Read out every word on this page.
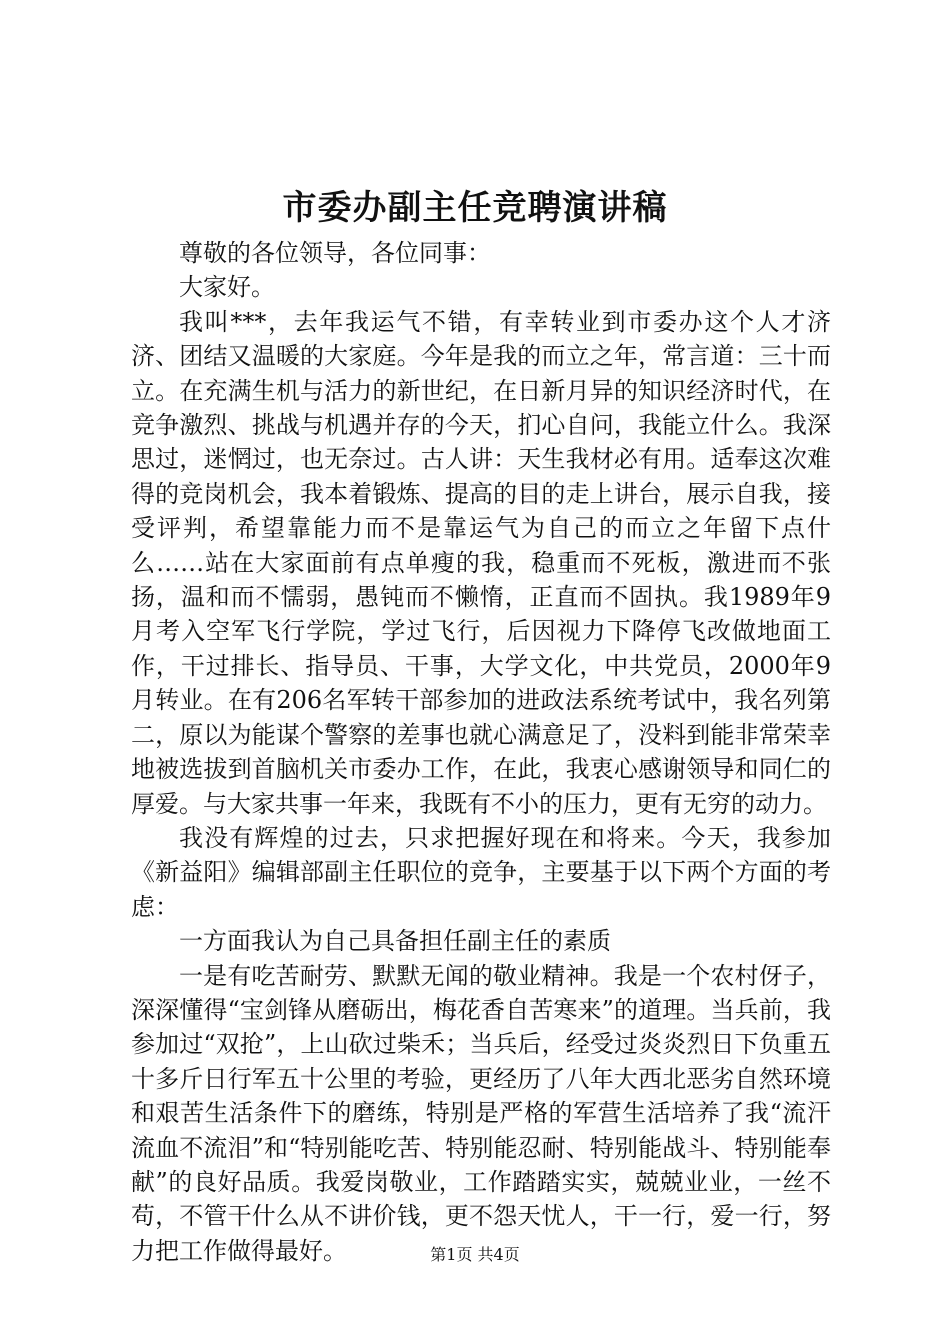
市委办副主任竞聘演讲稿

尊敬的各位领导，各位同事：

大家好。

我叫***，去年我运气不错，有幸转业到市委办这个人才济济、团结又温暖的大家庭。今年是我的而立之年，常言道：三十而立。在充满生机与活力的新世纪，在日新月异的知识经济时代，在竞争激烈、挑战与机遇并存的今天，扪心自问，我能立什么。我深思过，迷惘过，也无奈过。古人讲：天生我材必有用。适奉这次难得的竞岗机会，我本着锻炼、提高的目的走上讲台，展示自我，接受评判，希望靠能力而不是靠运气为自己的而立之年留下点什么……站在大家面前有点单瘦的我，稳重而不死板，激进而不张扬，温和而不懦弱，愚钝而不懒惰，正直而不固执。我1989年9月考入空军飞行学院，学过飞行，后因视力下降停飞改做地面工作，干过排长、指导员、干事，大学文化，中共党员，2000年9月转业。在有206名军转干部参加的进政法系统考试中，我名列第二，原以为能谋个警察的差事也就心满意足了，没料到能非常荣幸地被选拔到首脑机关市委办工作，在此，我衷心感谢领导和同仁的厚爱。与大家共事一年来，我既有不小的压力，更有无穷的动力。

我没有辉煌的过去，只求把握好现在和将来。今天，我参加《新益阳》编辑部副主任职位的竞争，主要基于以下两个方面的考虑：

一方面我认为自己具备担任副主任的素质

一是有吃苦耐劳、默默无闻的敬业精神。我是一个农村伢子，深深懂得“宝剑锋从磨砺出，梅花香自苦寒来”的道理。当兵前，我参加过“双抢”，上山砍过柴禾；当兵后，经受过炎炎烈日下负重五十多斤日行军五十公里的考验，更经历了八年大西北恶劣自然环境和艰苦生活条件下的磨练，特别是严格的军营生活培养了我“流汗流血不流泪”和“特别能吃苦、特别能忍耐、特别能战斗、特别能奉献”的良好品质。我爱岗敬业，工作踏踏实实，兢兢业业，一丝不苟，不管干什么从不讲价钱，更不怨天忧人，干一行，爱一行，努力把工作做得最好。	第1页 共4页
